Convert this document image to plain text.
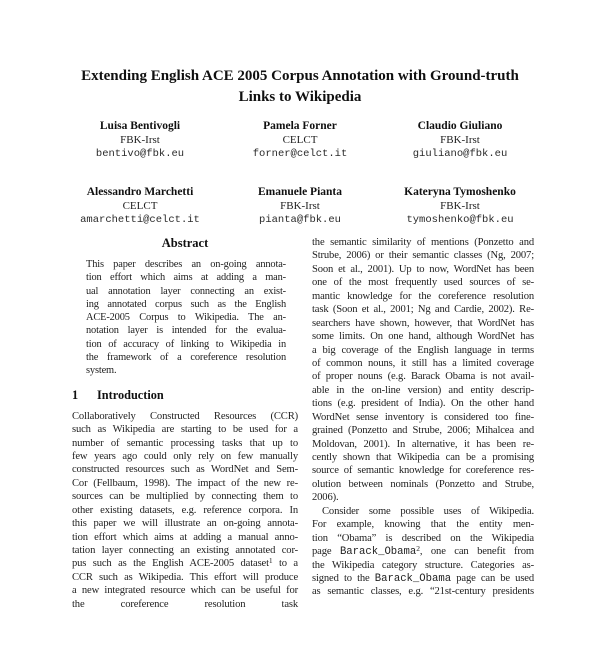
Extending English ACE 2005 Corpus Annotation with Ground-truth
Links to Wikipedia
Luisa Bentivogli
FBK-Irst
bentivo@fbk.eu
Pamela Forner
CELCT
forner@celct.it
Claudio Giuliano
FBK-Irst
giuliano@fbk.eu
Alessandro Marchetti
CELCT
amarchetti@celct.it
Emanuele Pianta
FBK-Irst
pianta@fbk.eu
Kateryna Tymoshenko
FBK-Irst
tymoshenko@fbk.eu
Abstract
This paper describes an on-going annota-
tion effort which aims at adding a man-
ual annotation layer connecting an exist-
ing annotated corpus such as the English
ACE-2005 Corpus to Wikipedia. The an-
notation layer is intended for the evalua-
tion of accuracy of linking to Wikipedia in
the framework of a coreference resolution
system.
1 Introduction
Collaboratively Constructed Resources (CCR)
such as Wikipedia are starting to be used for a
number of semantic processing tasks that up to
few years ago could only rely on few manually
constructed resources such as WordNet and Sem-
Cor (Fellbaum, 1998). The impact of the new re-
sources can be multiplied by connecting them to
other existing datasets, e.g. reference corpora. In
this paper we will illustrate an on-going annota-
tion effort which aims at adding a manual anno-
tation layer connecting an existing annotated cor-
pus such as the English ACE-2005 dataset$^1$ to a
CCR such as Wikipedia. This effort will produce
a new integrated resource which can be useful for
the coreference resolution task
the semantic similarity of mentions (Ponzetto and
Strube, 2006) or their semantic classes (Ng, 2007;
Soon et al., 2001). Up to now, WordNet has been
one of the most frequently used sources of se-
mantic knowledge for the coreference resolution
task (Soon et al., 2001; Ng and Cardie, 2002). Re-
searchers have shown, however, that WordNet has
some limits. On one hand, although WordNet has
a big coverage of the English language in terms
of common nouns, it still has a limited coverage
of proper nouns (e.g. Barack Obama is not avail-
able in the on-line version) and entity descrip-
tions (e.g. president of India). On the other hand
WordNet sense inventory is considered too fine-
grained (Ponzetto and Strube, 2006; Mihalcea and
Moldovan, 2001). In alternative, it has been re-
cently shown that Wikipedia can be a promising
source of semantic knowledge for coreference res-
olution between nominals (Ponzetto and Strube,
2006).
Consider some possible uses of Wikipedia.
For example, knowing that the entity men-
tion “Obama” is described on the Wikipedia
page Barack_Obama$^2$, one can benefit from
the Wikipedia category structure. Categories as-
signed to the Barack_Obama page can be used
as semantic classes, e.g. “21st-century presidents
